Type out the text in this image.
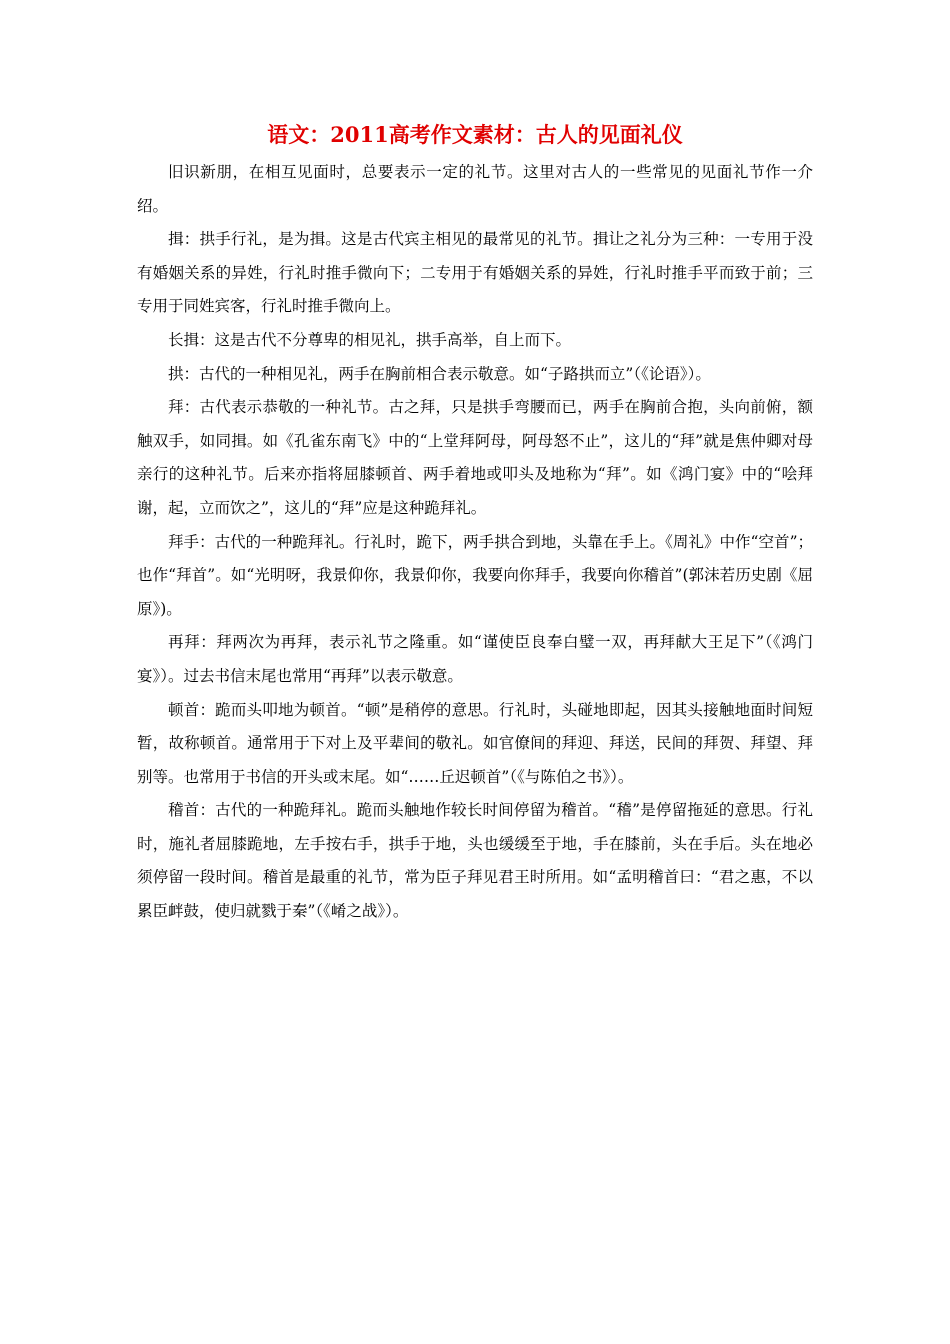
语文：2011高考作文素材：古人的见面礼仪

旧识新朋，在相互见面时，总要表示一定的礼节。这里对古人的一些常见的见面礼节作一介绍。

揖：拱手行礼，是为揖。这是古代宾主相见的最常见的礼节。揖让之礼分为三种：一专用于没有婚姻关系的异姓，行礼时推手微向下；二专用于有婚姻关系的异姓，行礼时推手平而致于前；三专用于同姓宾客，行礼时推手微向上。

长揖：这是古代不分尊卑的相见礼，拱手高举，自上而下。

拱：古代的一种相见礼，两手在胸前相合表示敬意。如“子路拱而立”（《论语》）。

拜：古代表示恭敬的一种礼节。古之拜，只是拱手弯腰而已，两手在胸前合抱，头向前俯，额触双手，如同揖。如《孔雀东南飞》中的“上堂拜阿母，阿母怒不止”，这儿的“拜”就是焦仲卿对母亲行的这种礼节。后来亦指将屈膝顿首、两手着地或叩头及地称为“拜”。如《鸿门宴》中的“哙拜谢，起，立而饮之”，这儿的“拜”应是这种跪拜礼。

拜手：古代的一种跪拜礼。行礼时，跪下，两手拱合到地，头靠在手上。《周礼》中作“空首”；也作“拜首”。如“光明呀，我景仰你，我景仰你，我要向你拜手，我要向你稽首”(郭沫若历史剧《屈原》)。

再拜：拜两次为再拜，表示礼节之隆重。如“谨使臣良奉白璧一双，再拜献大王足下”（《鸿门宴》）。过去书信末尾也常用“再拜”以表示敬意。

顿首：跪而头叩地为顿首。“顿”是稍停的意思。行礼时，头碰地即起，因其头接触地面时间短暂，故称顿首。通常用于下对上及平辈间的敬礼。如官僚间的拜迎、拜送，民间的拜贺、拜望、拜别等。也常用于书信的开头或末尾。如“……丘迟顿首”（《与陈伯之书》）。

稽首：古代的一种跪拜礼。跪而头触地作较长时间停留为稽首。“稽”是停留拖延的意思。行礼时，施礼者屈膝跪地，左手按右手，拱手于地，头也缓缓至于地，手在膝前，头在手后。头在地必须停留一段时间。稽首是最重的礼节，常为臣子拜见君王时所用。如“孟明稽首曰：“君之惠，不以累臣衅鼓，使归就戮于秦”（《崤之战》）。
